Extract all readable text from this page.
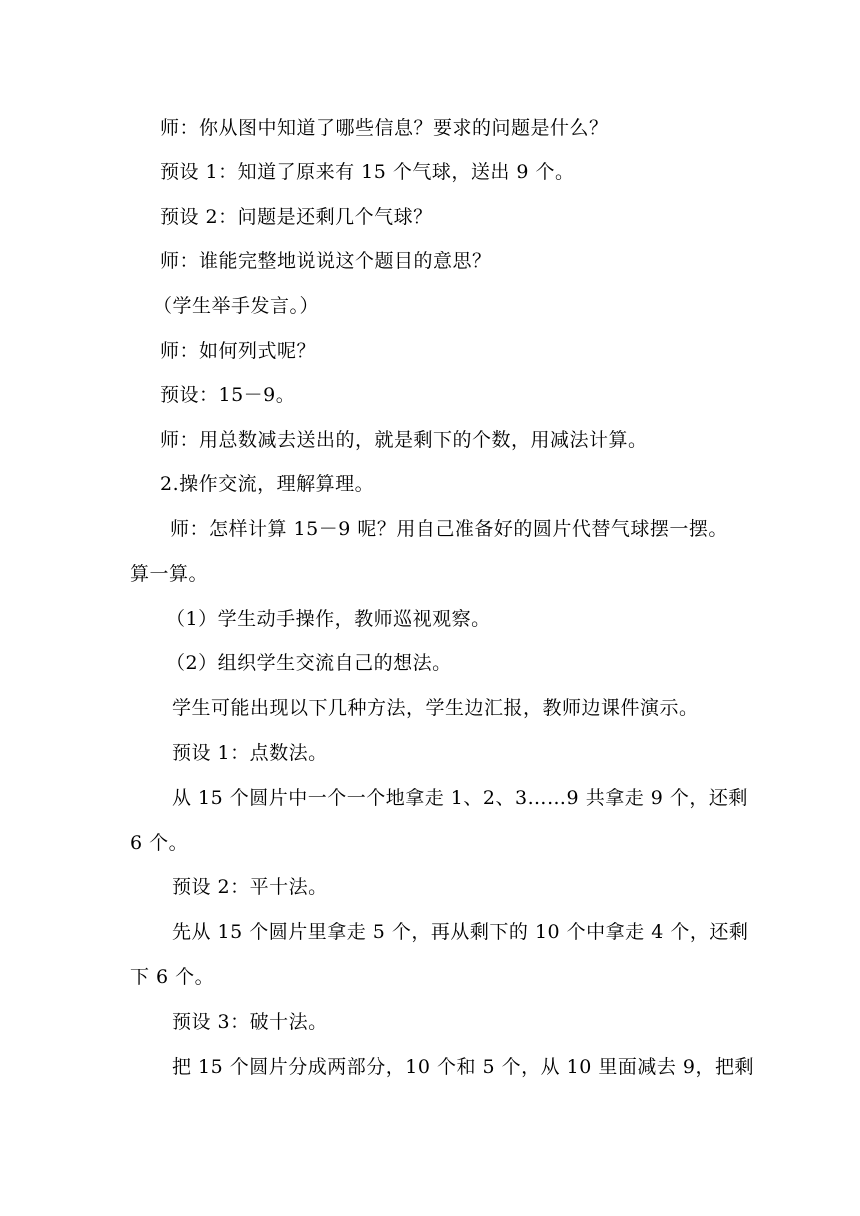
师：你从图中知道了哪些信息？要求的问题是什么？
预设 1：知道了原来有 15 个气球，送出 9 个。
预设 2：问题是还剩几个气球？
师：谁能完整地说说这个题目的意思？
（学生举手发言。）
师：如何列式呢？
预设：15－9。
师：用总数减去送出的，就是剩下的个数，用减法计算。
2.操作交流，理解算理。
师：怎样计算 15－9 呢？用自己准备好的圆片代替气球摆一摆。
算一算。
（1）学生动手操作，教师巡视观察。
（2）组织学生交流自己的想法。
学生可能出现以下几种方法，学生边汇报，教师边课件演示。
预设 1：点数法。
从 15 个圆片中一个一个地拿走 1、2、3……9 共拿走 9 个，还剩
6 个。
预设 2：平十法。
先从 15 个圆片里拿走 5 个，再从剩下的 10 个中拿走 4 个，还剩
下 6 个。
预设 3：破十法。
把 15 个圆片分成两部分，10 个和 5 个，从 10 里面减去 9，把剩
